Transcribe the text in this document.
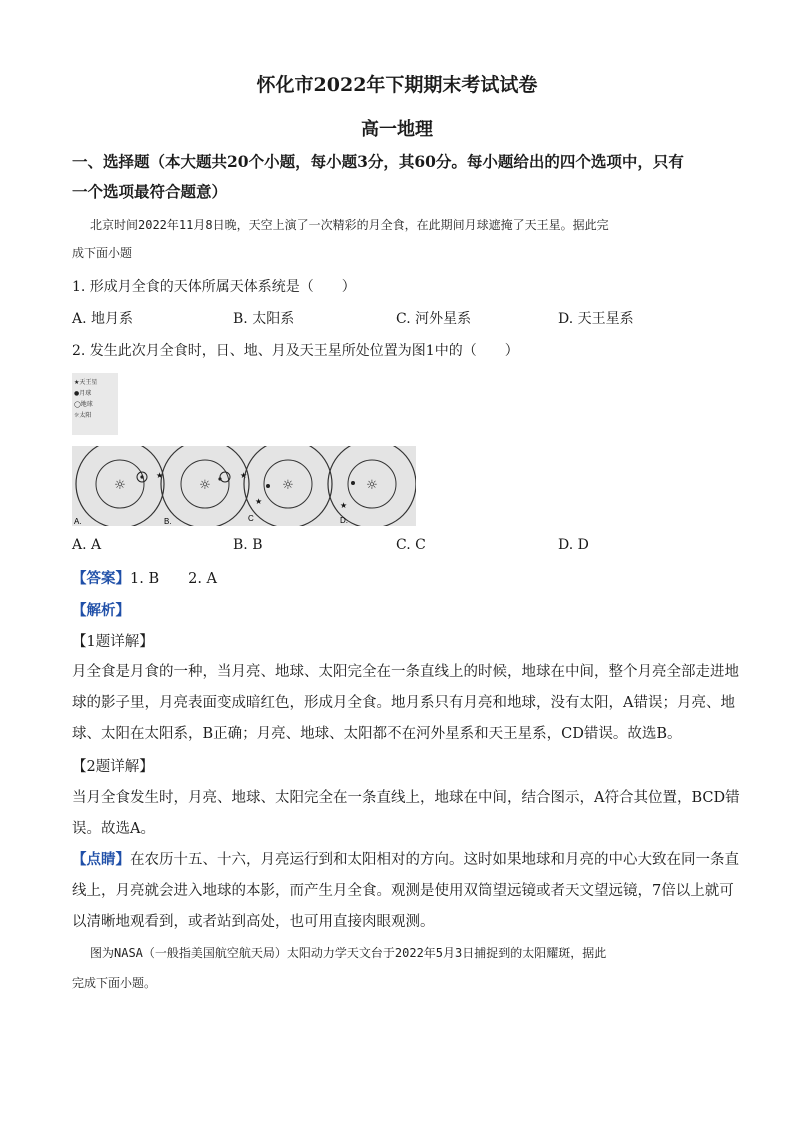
怀化市2022年下期期末考试试卷
高一地理
一、选择题（本大题共20个小题，每小题3分，其60分。每小题给出的四个选项中，只有
一个选项最符合题意）
北京时间2022年11月8日晚，天空上演了一次精彩的月全食，在此期间月球遮掩了天王星。据此完
成下面小题
1. 形成月全食的天体所属天体系统是（　　）
A. 地月系	B. 太阳系	C. 河外星系	D. 天王星系
2. 发生此次月全食时，日、地、月及天王星所处位置为图1中的（　　）
★天王星
●月球
◯地球
☼太阳
☼
★
A.
☼
★
B.
☼
★
C
☼
★
D.
A. A	B. B	C. C	D. D
【答案】1. B　　2. A
【解析】
【1题详解】
月全食是月食的一种，当月亮、地球、太阳完全在一条直线上的时候，地球在中间，整个月亮全部走进地
球的影子里，月亮表面变成暗红色，形成月全食。地月系只有月亮和地球，没有太阳，A错误；月亮、地
球、太阳在太阳系，B正确；月亮、地球、太阳都不在河外星系和天王星系，CD错误。故选B。
【2题详解】
当月全食发生时，月亮、地球、太阳完全在一条直线上，地球在中间，结合图示，A符合其位置，BCD错
误。故选A。
【点睛】在农历十五、十六，月亮运行到和太阳相对的方向。这时如果地球和月亮的中心大致在同一条直
线上，月亮就会进入地球的本影，而产生月全食。观测是使用双筒望远镜或者天文望远镜，7倍以上就可
以清晰地观看到，或者站到高处，也可用直接肉眼观测。
图为NASA（一般指美国航空航天局）太阳动力学天文台于2022年5月3日捕捉到的太阳耀斑，据此
完成下面小题。
